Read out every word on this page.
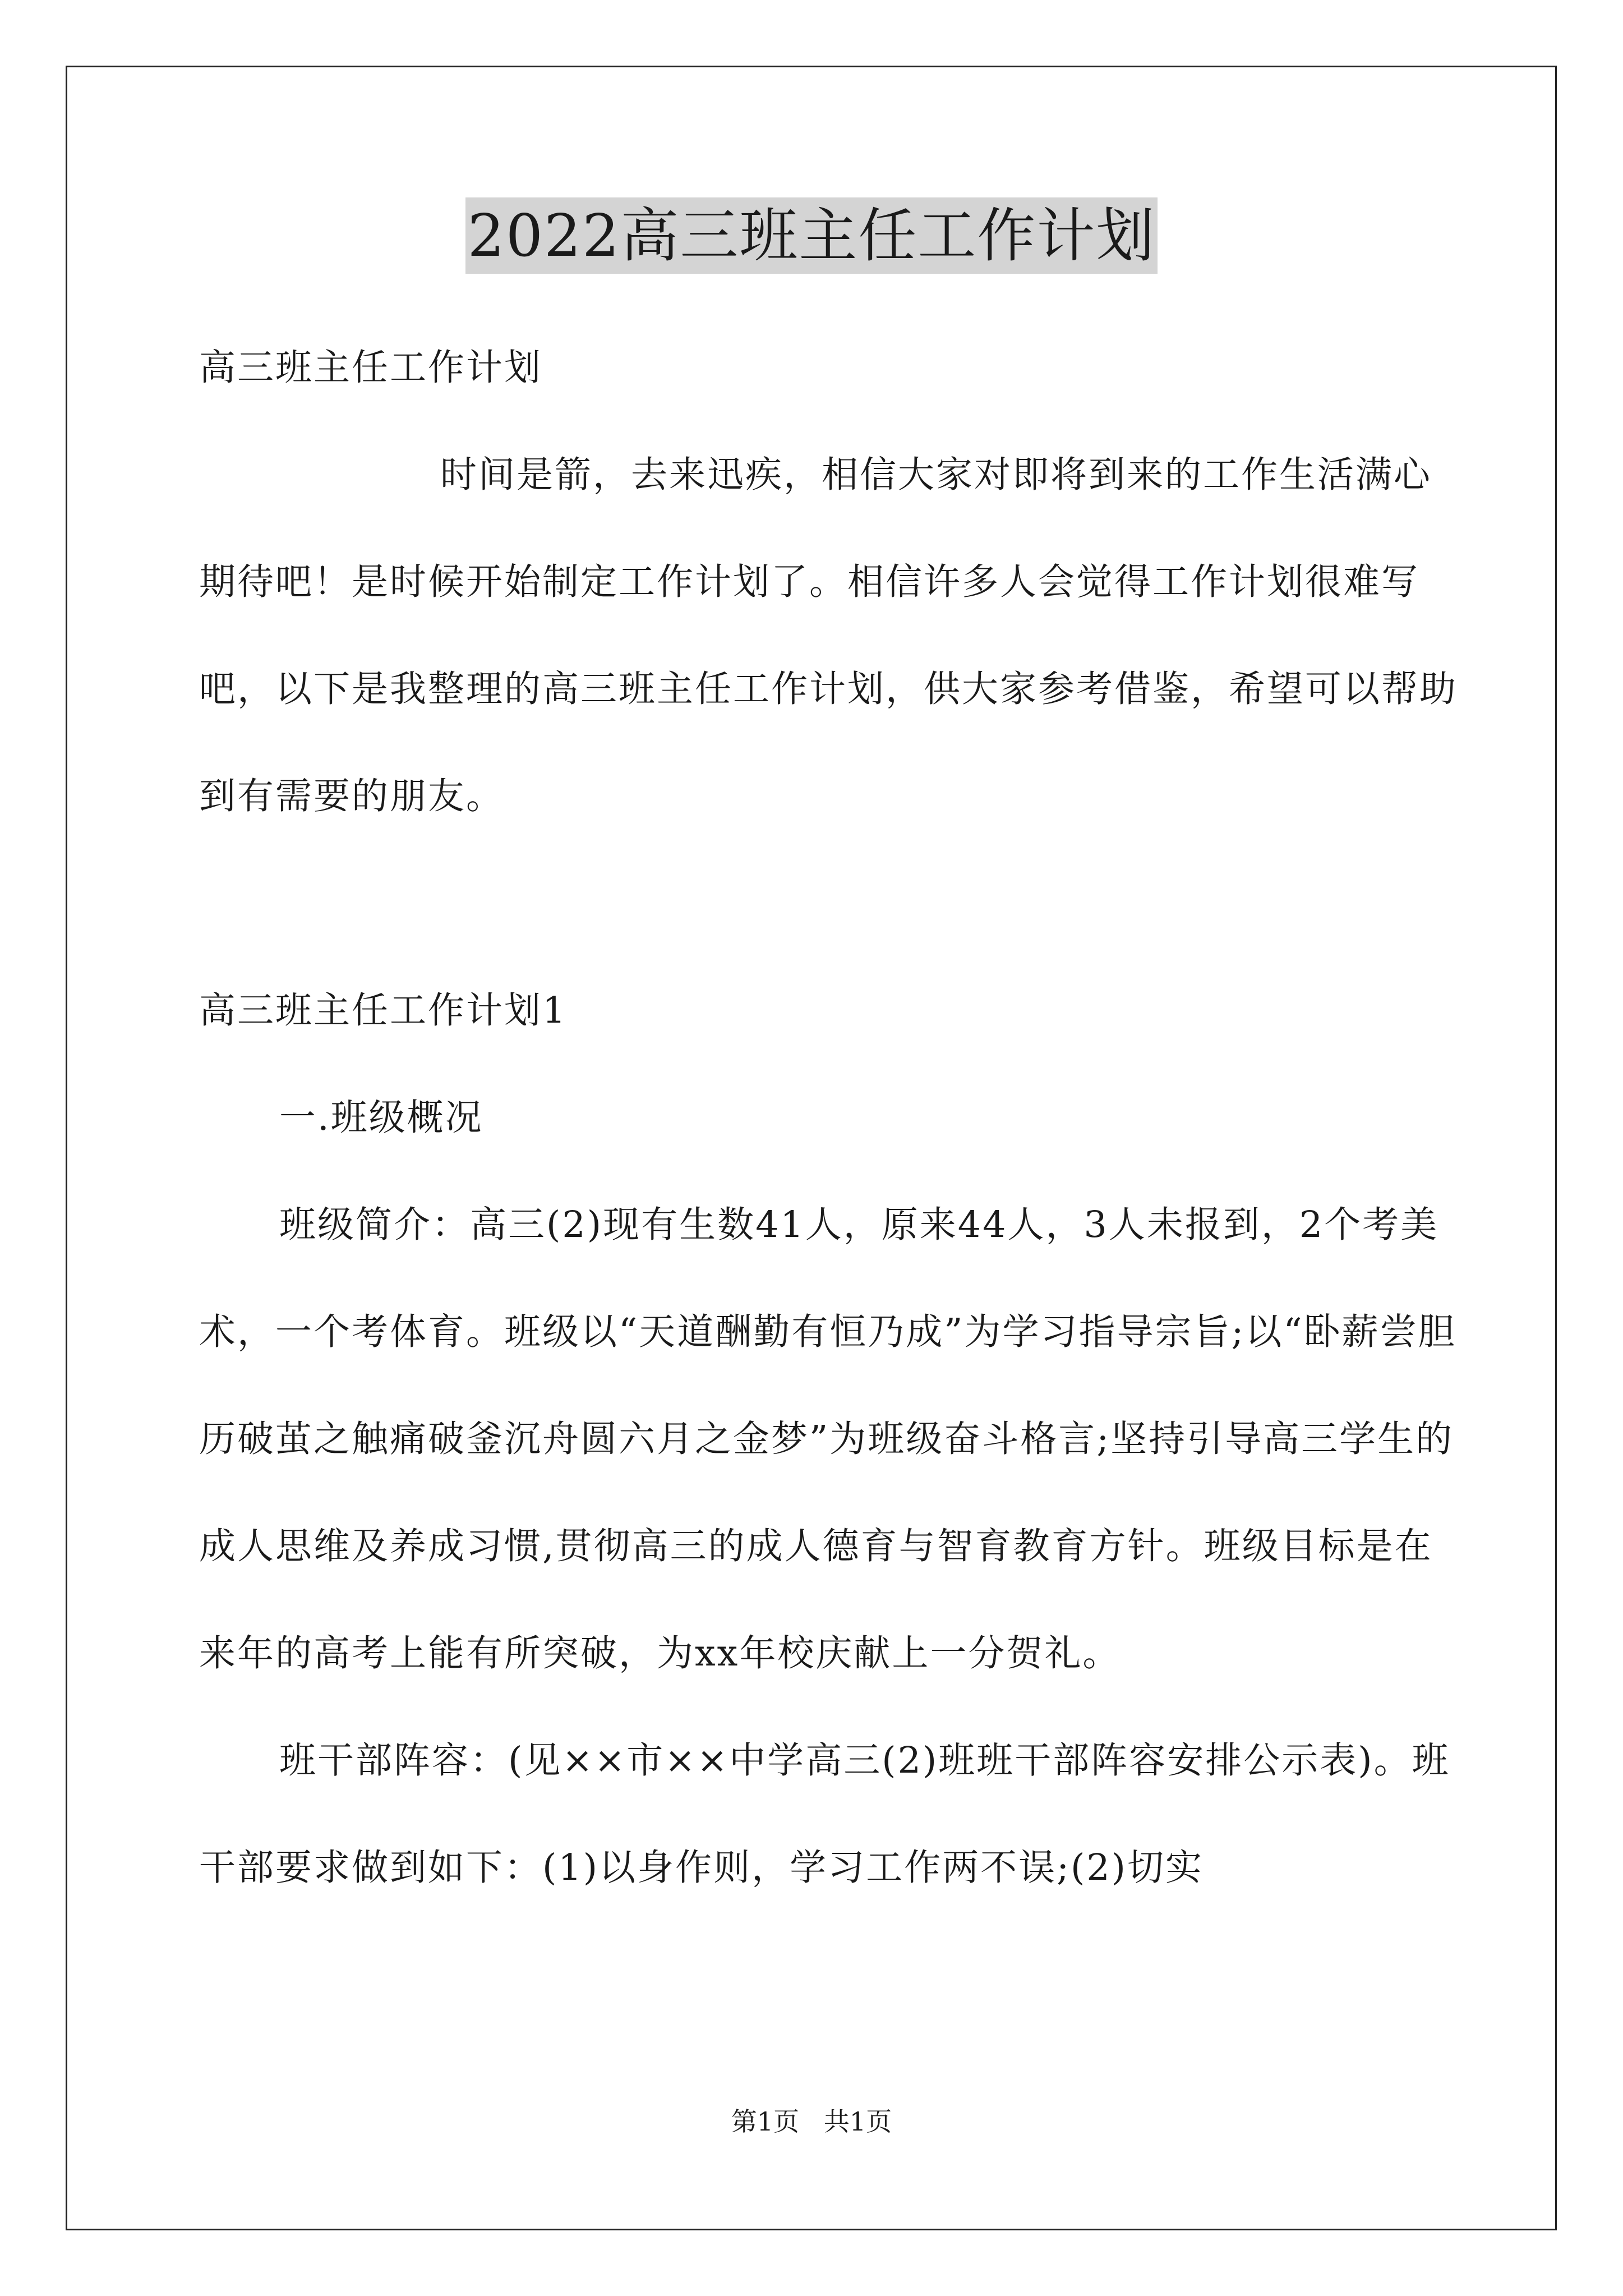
2022高三班主任工作计划

高三班主任工作计划

时间是箭，去来迅疾，相信大家对即将到来的工作生活满心期待吧！是时候开始制定工作计划了。相信许多人会觉得工作计划很难写吧，以下是我整理的高三班主任工作计划，供大家参考借鉴，希望可以帮助到有需要的朋友。

高三班主任工作计划1

一.班级概况

班级简介：高三(2)现有生数41人，原来44人，3人未报到，2个考美术，一个考体育。班级以“天道酬勤有恒乃成”为学习指导宗旨;以“卧薪尝胆历破茧之触痛破釜沉舟圆六月之金梦”为班级奋斗格言;坚持引导高三学生的成人思维及养成习惯,贯彻高三的成人德育与智育教育方针。班级目标是在来年的高考上能有所突破，为xx年校庆献上一分贺礼。

班干部阵容：(见××市××中学高三(2)班班干部阵容安排公示表)。班干部要求做到如下：(1)以身作则，学习工作两不误;(2)切实

第1页   共1页
